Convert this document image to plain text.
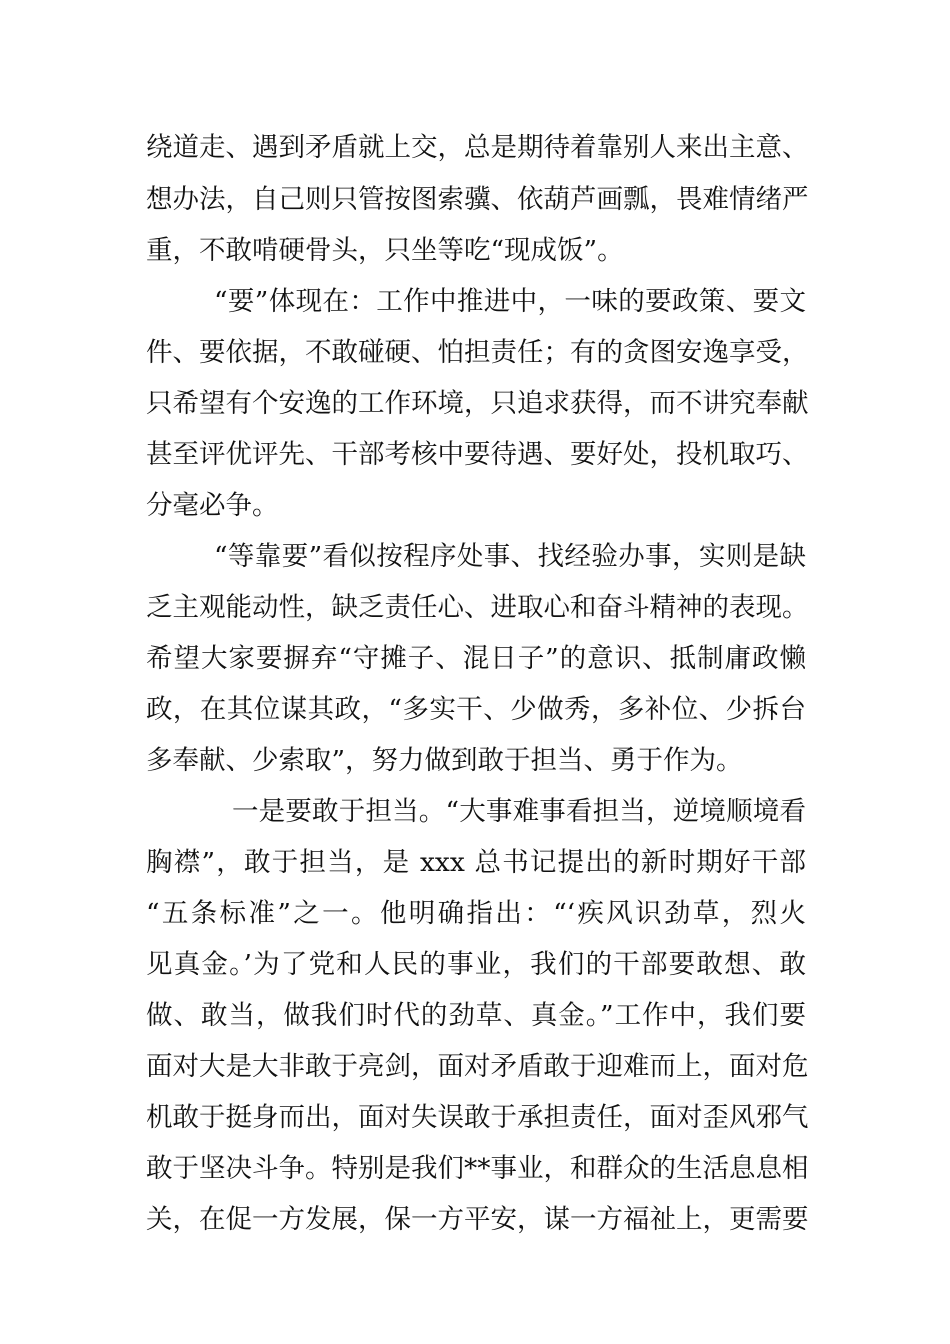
绕道走、遇到矛盾就上交，总是期待着靠别人来出主意、
想办法，自己则只管按图索骥、依葫芦画瓢，畏难情绪严
重，不敢啃硬骨头，只坐等吃“现成饭”。
“要”体现在：工作中推进中，一味的要政策、要文
件、要依据，不敢碰硬、怕担责任；有的贪图安逸享受，
只希望有个安逸的工作环境，只追求获得，而不讲究奉献
甚至评优评先、干部考核中要待遇、要好处，投机取巧、
分毫必争。
“等靠要”看似按程序处事、找经验办事，实则是缺
乏主观能动性，缺乏责任心、进取心和奋斗精神的表现。
希望大家要摒弃“守摊子、混日子”的意识、抵制庸政懒
政，在其位谋其政，“多实干、少做秀，多补位、少拆台
多奉献、少索取”，努力做到敢于担当、勇于作为。
一是要敢于担当。“大事难事看担当，逆境顺境看
胸襟”，敢于担当，是 xxx 总书记提出的新时期好干部
“五条标准”之一。他明确指出：“‘疾风识劲草，烈火
见真金。’为了党和人民的事业，我们的干部要敢想、敢
做、敢当，做我们时代的劲草、真金。”工作中，我们要
面对大是大非敢于亮剑，面对矛盾敢于迎难而上，面对危
机敢于挺身而出，面对失误敢于承担责任，面对歪风邪气
敢于坚决斗争。特别是我们**事业，和群众的生活息息相
关，在促一方发展，保一方平安，谋一方福祉上，更需要
